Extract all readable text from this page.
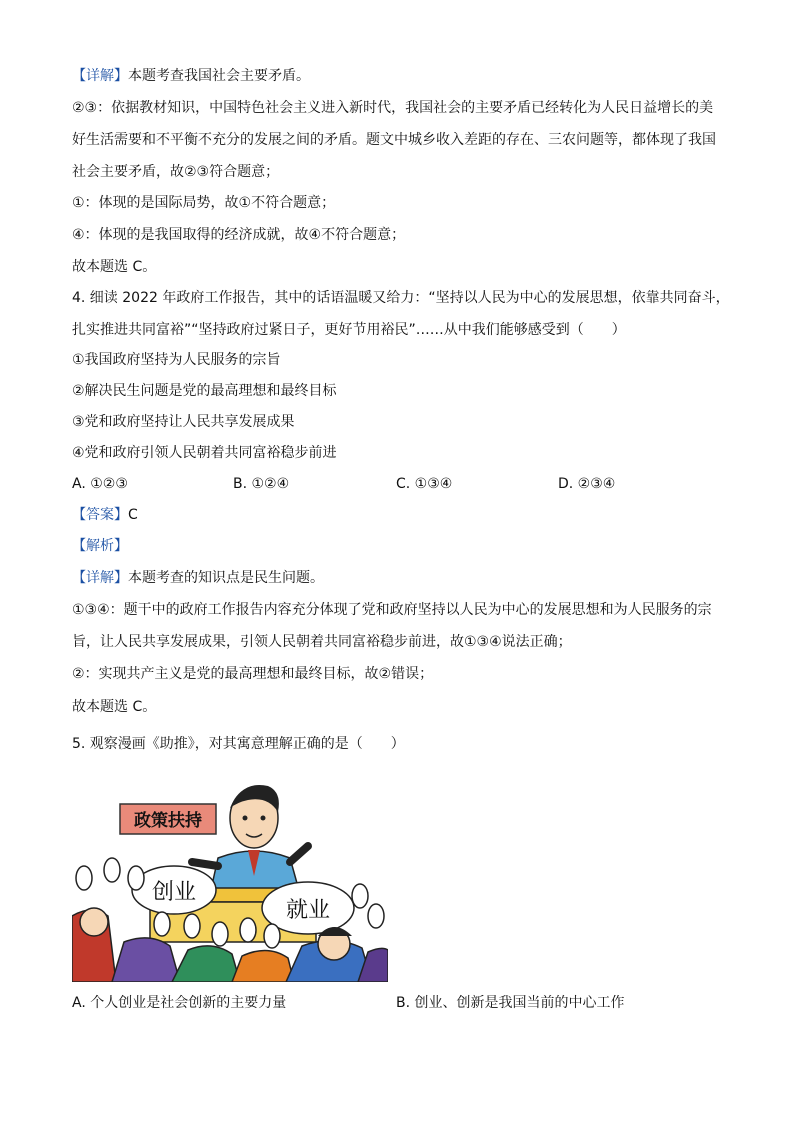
【详解】本题考查我国社会主要矛盾。
②③：依据教材知识，中国特色社会主义进入新时代，我国社会的主要矛盾已经转化为人民日益增长的美
好生活需要和不平衡不充分的发展之间的矛盾。题文中城乡收入差距的存在、三农问题等，都体现了我国
社会主要矛盾，故②③符合题意；
①：体现的是国际局势，故①不符合题意；
④：体现的是我国取得的经济成就，故④不符合题意；
故本题选 C。
4. 细读 2022 年政府工作报告，其中的话语温暖又给力：“坚持以人民为中心的发展思想，依靠共同奋斗，
扎实推进共同富裕”“坚持政府过紧日子，更好节用裕民”……从中我们能够感受到（　　）
①我国政府坚持为人民服务的宗旨
②解决民生问题是党的最高理想和最终目标
③党和政府坚持让人民共享发展成果
④党和政府引领人民朝着共同富裕稳步前进
A. ①②③	B. ①②④	C. ①③④	D. ②③④
【答案】C
【解析】
【详解】本题考查的知识点是民生问题。
①③④：题干中的政府工作报告内容充分体现了党和政府坚持以人民为中心的发展思想和为人民服务的宗
旨，让人民共享发展成果，引领人民朝着共同富裕稳步前进，故①③④说法正确；
②：实现共产主义是党的最高理想和最终目标，故②错误；
故本题选 C。
5. 观察漫画《助推》，对其寓意理解正确的是（　　）
政策扶持
创业
就业
A. 个人创业是社会创新的主要力量	B. 创业、创新是我国当前的中心工作
